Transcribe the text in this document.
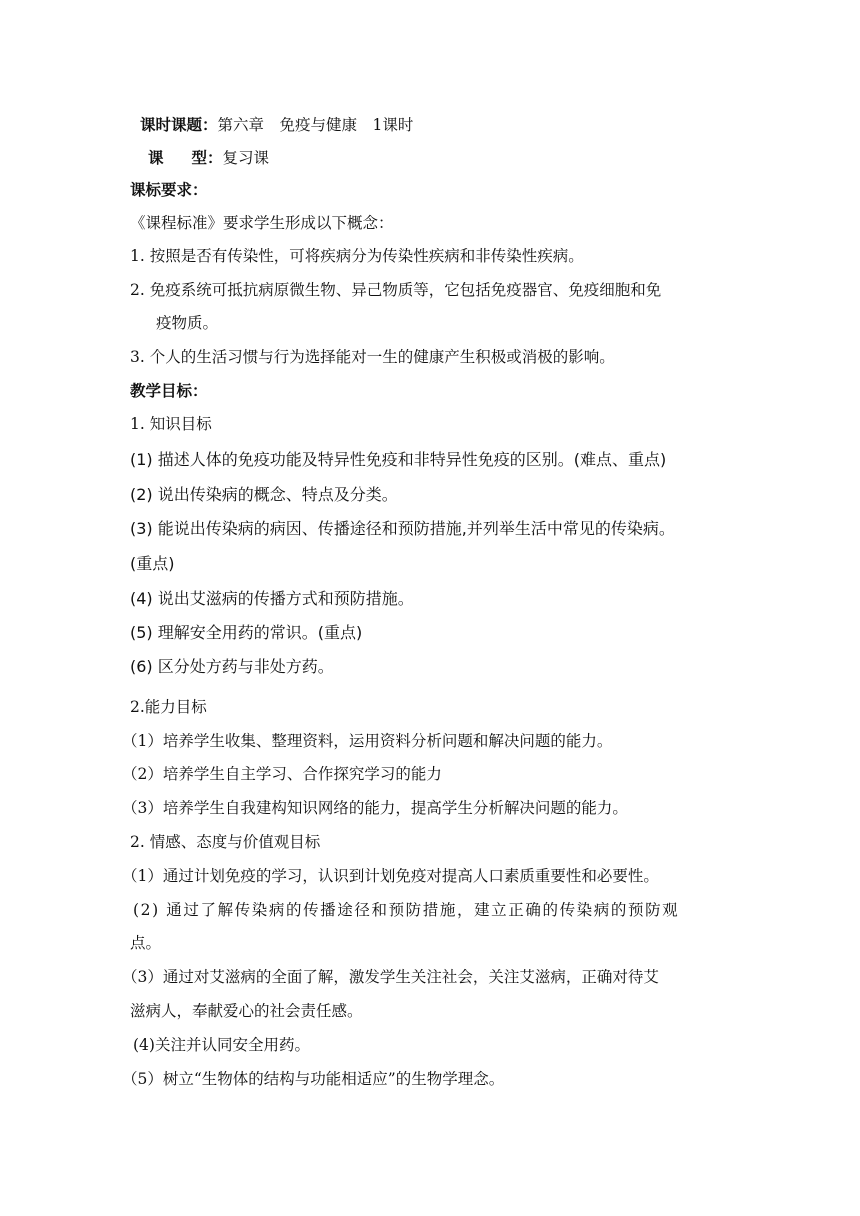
课时课题：第六章　免疫与健康　1课时
课 型：复习课
课标要求：
《课程标准》要求学生形成以下概念：
1. 按照是否有传染性，可将疾病分为传染性疾病和非传染性疾病。
2. 免疫系统可抵抗病原微生物、异己物质等，它包括免疫器官、免疫细胞和免
疫物质。
3. 个人的生活习惯与行为选择能对一生的健康产生积极或消极的影响。
教学目标：
1. 知识目标
(1) 描述人体的免疫功能及特异性免疫和非特异性免疫的区别。(难点、重点)
(2) 说出传染病的概念、特点及分类。
(3) 能说出传染病的病因、传播途径和预防措施,并列举生活中常见的传染病。
(重点)
(4) 说出艾滋病的传播方式和预防措施。
(5) 理解安全用药的常识。(重点)
(6) 区分处方药与非处方药。
2.能力目标
（1）培养学生收集、整理资料，运用资料分析问题和解决问题的能力。
（2）培养学生自主学习、合作探究学习的能力
（3）培养学生自我建构知识网络的能力，提高学生分析解决问题的能力。
2. 情感、态度与价值观目标
（1）通过计划免疫的学习，认识到计划免疫对提高人口素质重要性和必要性。
(2) 通过了解传染病的传播途径和预防措施，建立正确的传染病的预防观
点。
（3）通过对艾滋病的全面了解，激发学生关注社会，关注艾滋病，正确对待艾
滋病人，奉献爱心的社会责任感。
(4)关注并认同安全用药。
（5）树立“生物体的结构与功能相适应”的生物学理念。
